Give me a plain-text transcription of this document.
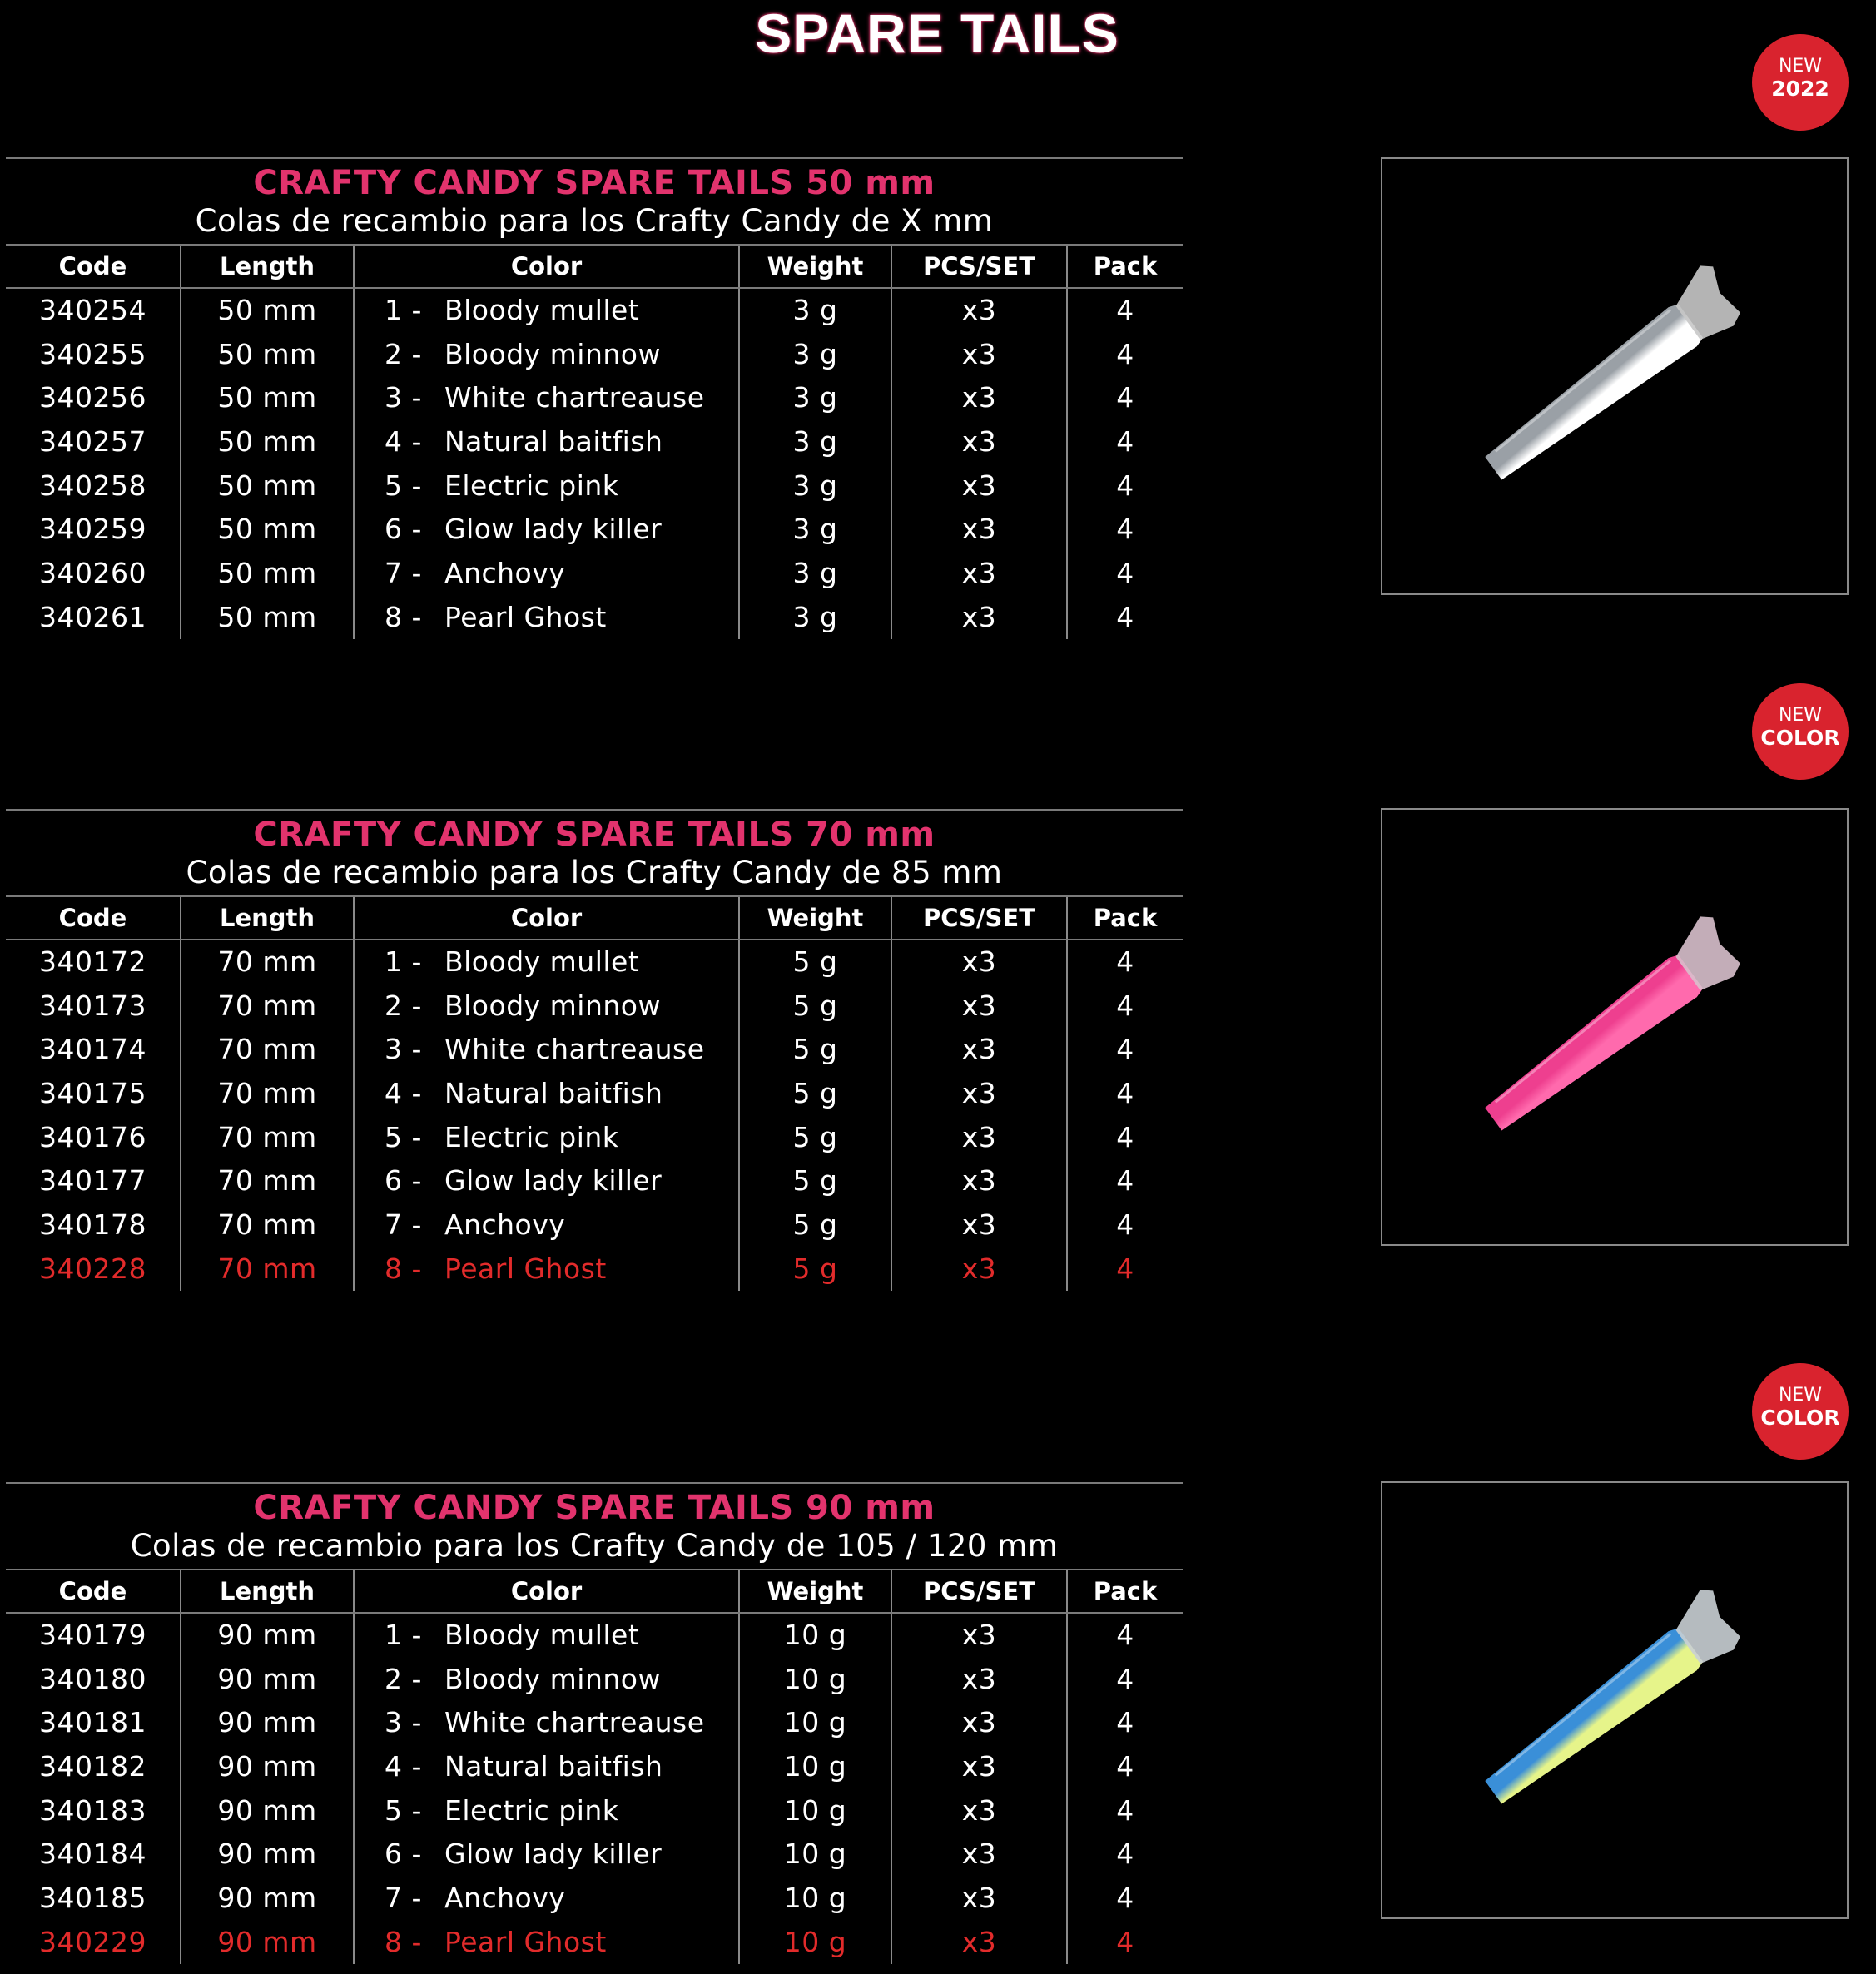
SPARE TAILS
CRAFTY CANDY SPARE TAILS 50 mm
Colas de recambio para los Crafty Candy de X mm
Code	Length	Color	Weight	PCS/SET	Pack
340254	50 mm	1 - Bloody mullet	3 g	x3	4
340255	50 mm	2 - Bloody minnow	3 g	x3	4
340256	50 mm	3 - White chartreause	3 g	x3	4
340257	50 mm	4 - Natural baitfish	3 g	x3	4
340258	50 mm	5 - Electric pink	3 g	x3	4
340259	50 mm	6 - Glow lady killer	3 g	x3	4
340260	50 mm	7 - Anchovy	3 g	x3	4
340261	50 mm	8 - Pearl Ghost	3 g	x3	4
NEW
2022
CRAFTY CANDY SPARE TAILS 70 mm
Colas de recambio para los Crafty Candy de 85 mm
Code	Length	Color	Weight	PCS/SET	Pack
340172	70 mm	1 - Bloody mullet	5 g	x3	4
340173	70 mm	2 - Bloody minnow	5 g	x3	4
340174	70 mm	3 - White chartreause	5 g	x3	4
340175	70 mm	4 - Natural baitfish	5 g	x3	4
340176	70 mm	5 - Electric pink	5 g	x3	4
340177	70 mm	6 - Glow lady killer	5 g	x3	4
340178	70 mm	7 - Anchovy	5 g	x3	4
340228	70 mm	8 - Pearl Ghost	5 g	x3	4
NEW
COLOR
CRAFTY CANDY SPARE TAILS 90 mm
Colas de recambio para los Crafty Candy de 105 / 120 mm
Code	Length	Color	Weight	PCS/SET	Pack
340179	90 mm	1 - Bloody mullet	10 g	x3	4
340180	90 mm	2 - Bloody minnow	10 g	x3	4
340181	90 mm	3 - White chartreause	10 g	x3	4
340182	90 mm	4 - Natural baitfish	10 g	x3	4
340183	90 mm	5 - Electric pink	10 g	x3	4
340184	90 mm	6 - Glow lady killer	10 g	x3	4
340185	90 mm	7 - Anchovy	10 g	x3	4
340229	90 mm	8 - Pearl Ghost	10 g	x3	4
NEW
COLOR
